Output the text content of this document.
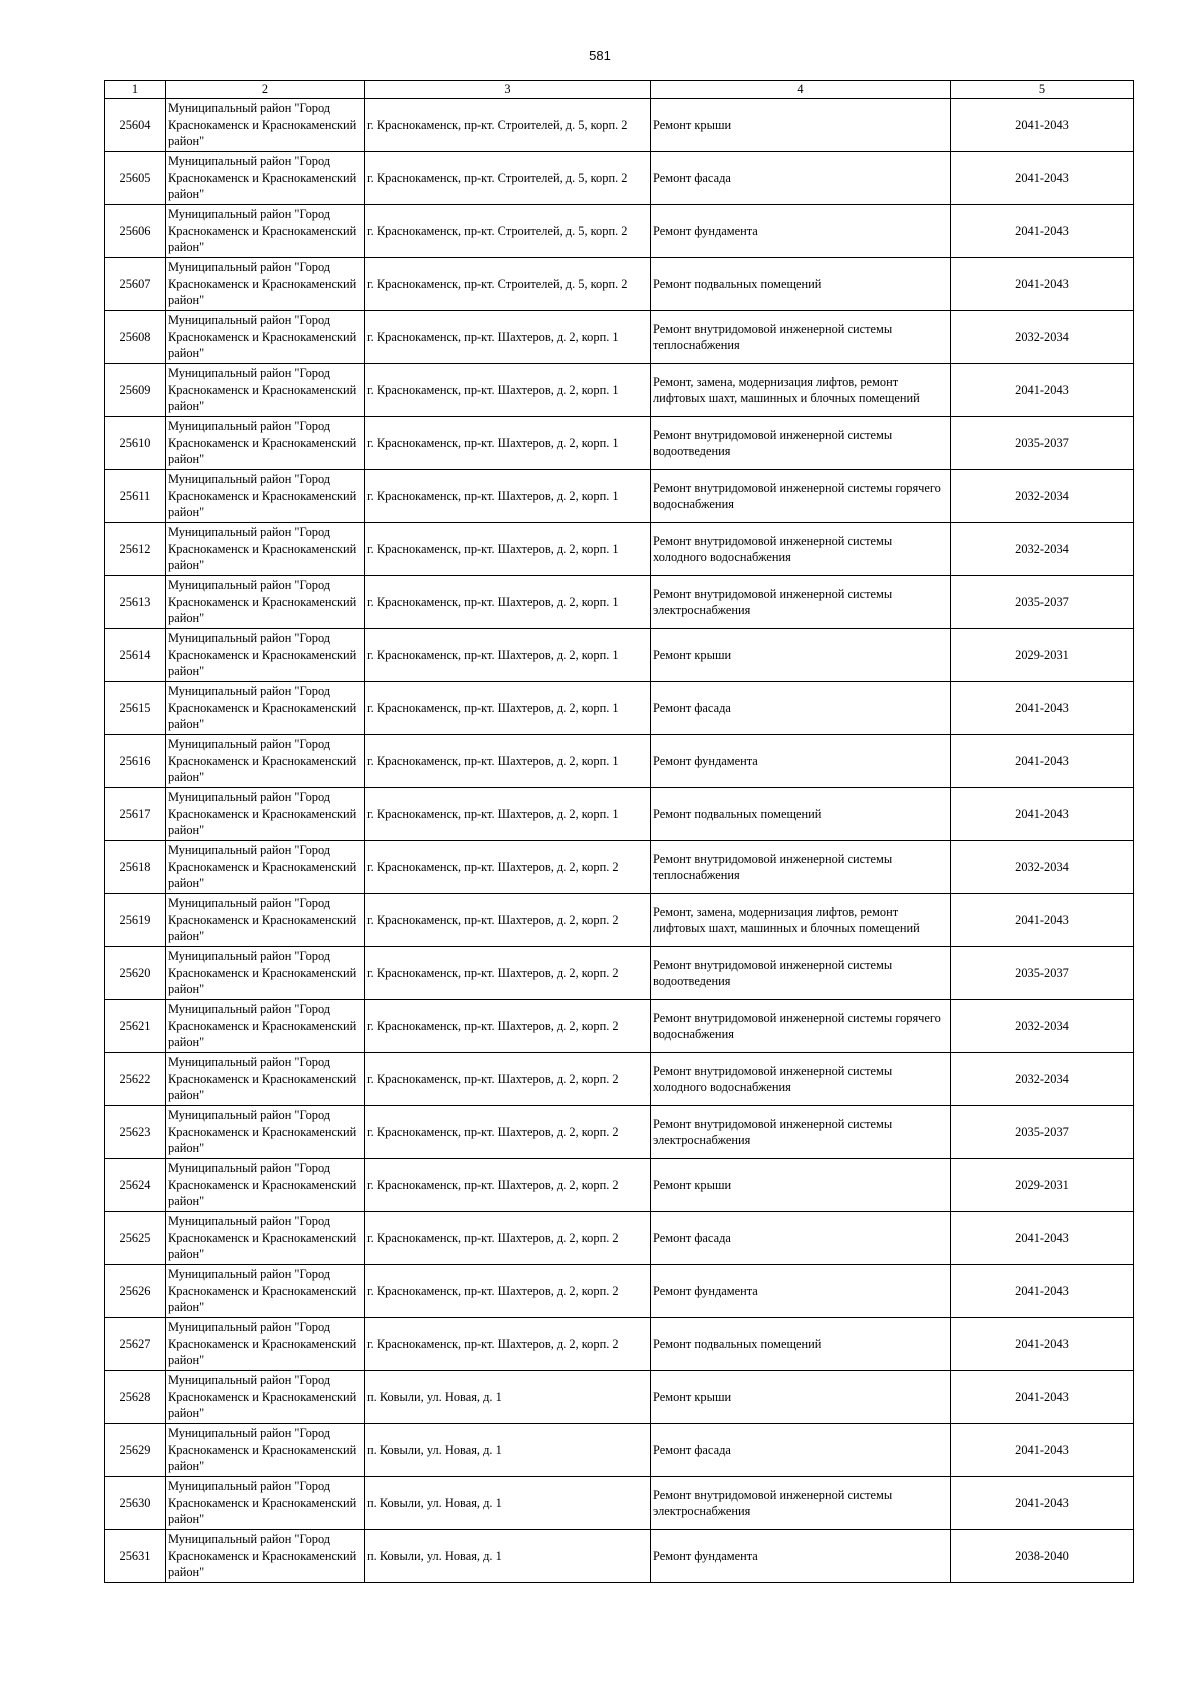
581
1	2	3	4	5
25604	Муниципальный район "Город Краснокаменск и Краснокаменский район"	г. Краснокаменск, пр-кт. Строителей, д. 5, корп. 2	Ремонт крыши	2041-2043
25605	Муниципальный район "Город Краснокаменск и Краснокаменский район"	г. Краснокаменск, пр-кт. Строителей, д. 5, корп. 2	Ремонт фасада	2041-2043
25606	Муниципальный район "Город Краснокаменск и Краснокаменский район"	г. Краснокаменск, пр-кт. Строителей, д. 5, корп. 2	Ремонт фундамента	2041-2043
25607	Муниципальный район "Город Краснокаменск и Краснокаменский район"	г. Краснокаменск, пр-кт. Строителей, д. 5, корп. 2	Ремонт подвальных помещений	2041-2043
25608	Муниципальный район "Город Краснокаменск и Краснокаменский район"	г. Краснокаменск, пр-кт. Шахтеров, д. 2, корп. 1	Ремонт внутридомовой инженерной системы теплоснабжения	2032-2034
25609	Муниципальный район "Город Краснокаменск и Краснокаменский район"	г. Краснокаменск, пр-кт. Шахтеров, д. 2, корп. 1	Ремонт, замена, модернизация лифтов, ремонт лифтовых шахт, машинных и блочных помещений	2041-2043
25610	Муниципальный район "Город Краснокаменск и Краснокаменский район"	г. Краснокаменск, пр-кт. Шахтеров, д. 2, корп. 1	Ремонт внутридомовой инженерной системы водоотведения	2035-2037
25611	Муниципальный район "Город Краснокаменск и Краснокаменский район"	г. Краснокаменск, пр-кт. Шахтеров, д. 2, корп. 1	Ремонт внутридомовой инженерной системы горячего водоснабжения	2032-2034
25612	Муниципальный район "Город Краснокаменск и Краснокаменский район"	г. Краснокаменск, пр-кт. Шахтеров, д. 2, корп. 1	Ремонт внутридомовой инженерной системы холодного водоснабжения	2032-2034
25613	Муниципальный район "Город Краснокаменск и Краснокаменский район"	г. Краснокаменск, пр-кт. Шахтеров, д. 2, корп. 1	Ремонт внутридомовой инженерной системы электроснабжения	2035-2037
25614	Муниципальный район "Город Краснокаменск и Краснокаменский район"	г. Краснокаменск, пр-кт. Шахтеров, д. 2, корп. 1	Ремонт крыши	2029-2031
25615	Муниципальный район "Город Краснокаменск и Краснокаменский район"	г. Краснокаменск, пр-кт. Шахтеров, д. 2, корп. 1	Ремонт фасада	2041-2043
25616	Муниципальный район "Город Краснокаменск и Краснокаменский район"	г. Краснокаменск, пр-кт. Шахтеров, д. 2, корп. 1	Ремонт фундамента	2041-2043
25617	Муниципальный район "Город Краснокаменск и Краснокаменский район"	г. Краснокаменск, пр-кт. Шахтеров, д. 2, корп. 1	Ремонт подвальных помещений	2041-2043
25618	Муниципальный район "Город Краснокаменск и Краснокаменский район"	г. Краснокаменск, пр-кт. Шахтеров, д. 2, корп. 2	Ремонт внутридомовой инженерной системы теплоснабжения	2032-2034
25619	Муниципальный район "Город Краснокаменск и Краснокаменский район"	г. Краснокаменск, пр-кт. Шахтеров, д. 2, корп. 2	Ремонт, замена, модернизация лифтов, ремонт лифтовых шахт, машинных и блочных помещений	2041-2043
25620	Муниципальный район "Город Краснокаменск и Краснокаменский район"	г. Краснокаменск, пр-кт. Шахтеров, д. 2, корп. 2	Ремонт внутридомовой инженерной системы водоотведения	2035-2037
25621	Муниципальный район "Город Краснокаменск и Краснокаменский район"	г. Краснокаменск, пр-кт. Шахтеров, д. 2, корп. 2	Ремонт внутридомовой инженерной системы горячего водоснабжения	2032-2034
25622	Муниципальный район "Город Краснокаменск и Краснокаменский район"	г. Краснокаменск, пр-кт. Шахтеров, д. 2, корп. 2	Ремонт внутридомовой инженерной системы холодного водоснабжения	2032-2034
25623	Муниципальный район "Город Краснокаменск и Краснокаменский район"	г. Краснокаменск, пр-кт. Шахтеров, д. 2, корп. 2	Ремонт внутридомовой инженерной системы электроснабжения	2035-2037
25624	Муниципальный район "Город Краснокаменск и Краснокаменский район"	г. Краснокаменск, пр-кт. Шахтеров, д. 2, корп. 2	Ремонт крыши	2029-2031
25625	Муниципальный район "Город Краснокаменск и Краснокаменский район"	г. Краснокаменск, пр-кт. Шахтеров, д. 2, корп. 2	Ремонт фасада	2041-2043
25626	Муниципальный район "Город Краснокаменск и Краснокаменский район"	г. Краснокаменск, пр-кт. Шахтеров, д. 2, корп. 2	Ремонт фундамента	2041-2043
25627	Муниципальный район "Город Краснокаменск и Краснокаменский район"	г. Краснокаменск, пр-кт. Шахтеров, д. 2, корп. 2	Ремонт подвальных помещений	2041-2043
25628	Муниципальный район "Город Краснокаменск и Краснокаменский район"	п. Ковыли, ул. Новая, д. 1	Ремонт крыши	2041-2043
25629	Муниципальный район "Город Краснокаменск и Краснокаменский район"	п. Ковыли, ул. Новая, д. 1	Ремонт фасада	2041-2043
25630	Муниципальный район "Город Краснокаменск и Краснокаменский район"	п. Ковыли, ул. Новая, д. 1	Ремонт внутридомовой инженерной системы электроснабжения	2041-2043
25631	Муниципальный район "Город Краснокаменск и Краснокаменский район"	п. Ковыли, ул. Новая, д. 1	Ремонт фундамента	2038-2040
